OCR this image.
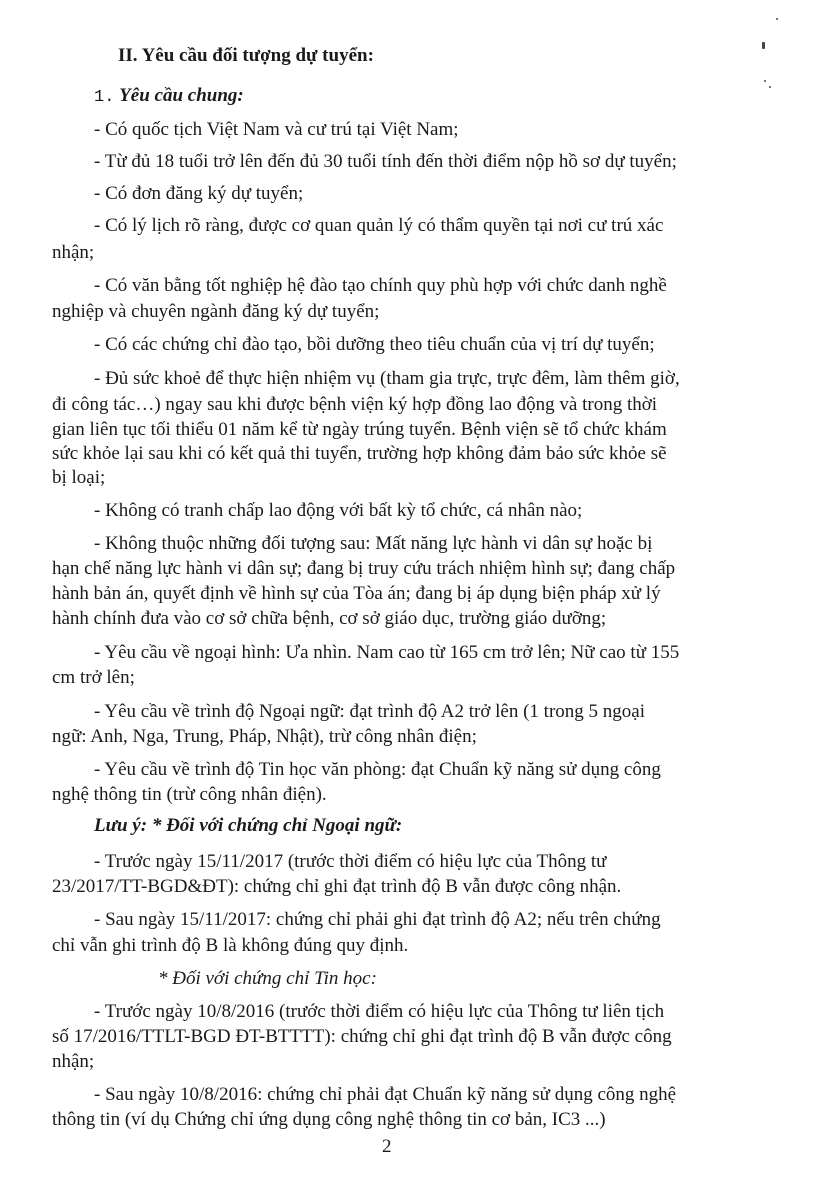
II. Yêu cầu đối tượng dự tuyển:
1. Yêu cầu chung:
- Có quốc tịch Việt Nam và cư trú tại Việt Nam;
- Từ đủ 18 tuổi trở lên đến đủ 30 tuổi tính đến thời điểm nộp hồ sơ dự tuyển;
- Có đơn đăng ký dự tuyển;
- Có lý lịch rõ ràng, được cơ quan quản lý có thẩm quyền tại nơi cư trú xác
nhận;
- Có văn bằng tốt nghiệp hệ đào tạo chính quy phù hợp với chức danh nghề
nghiệp và chuyên ngành đăng ký dự tuyển;
- Có các chứng chỉ đào tạo, bồi dưỡng theo tiêu chuẩn của vị trí dự tuyển;
- Đủ sức khoẻ để thực hiện nhiệm vụ (tham gia trực, trực đêm, làm thêm giờ,
đi công tác…) ngay sau khi được bệnh viện ký hợp đồng lao động và trong thời
gian liên tục tối thiểu 01 năm kể từ ngày trúng tuyển. Bệnh viện sẽ tổ chức khám
sức khỏe lại sau khi có kết quả thi tuyển, trường hợp không đảm bảo sức khỏe sẽ
bị loại;
- Không có tranh chấp lao động với bất kỳ tổ chức, cá nhân nào;
- Không thuộc những đối tượng sau: Mất năng lực hành vi dân sự hoặc bị
hạn chế năng lực hành vi dân sự; đang bị truy cứu trách nhiệm hình sự; đang chấp
hành bản án, quyết định về hình sự của Tòa án; đang bị áp dụng biện pháp xử lý
hành chính đưa vào cơ sở chữa bệnh, cơ sở giáo dục, trường giáo dưỡng;
- Yêu cầu về ngoại hình: Ưa nhìn. Nam cao từ 165 cm trở lên; Nữ cao từ 155
cm trở lên;
- Yêu cầu về trình độ Ngoại ngữ: đạt trình độ A2 trở lên (1 trong 5 ngoại
ngữ: Anh, Nga, Trung, Pháp, Nhật), trừ công nhân điện;
- Yêu cầu về trình độ Tin học văn phòng: đạt Chuẩn kỹ năng sử dụng công
nghệ thông tin (trừ công nhân điện).
Lưu ý: * Đối với chứng chỉ Ngoại ngữ:
- Trước ngày 15/11/2017 (trước thời điểm có hiệu lực của Thông tư
23/2017/TT-BGD&ĐT): chứng chỉ ghi đạt trình độ B vẫn được công nhận.
- Sau ngày 15/11/2017: chứng chỉ phải ghi đạt trình độ A2; nếu trên chứng
chỉ vẫn ghi trình độ B là không đúng quy định.
* Đối với chứng chỉ Tin học:
- Trước ngày 10/8/2016 (trước thời điểm có hiệu lực của Thông tư liên tịch
số 17/2016/TTLT-BGD ĐT-BTTTT): chứng chỉ ghi đạt trình độ B vẫn được công
nhận;
- Sau ngày 10/8/2016: chứng chỉ phải đạt Chuẩn kỹ năng sử dụng công nghệ
thông tin (ví dụ Chứng chỉ ứng dụng công nghệ thông tin cơ bản, IC3 ...)
2
